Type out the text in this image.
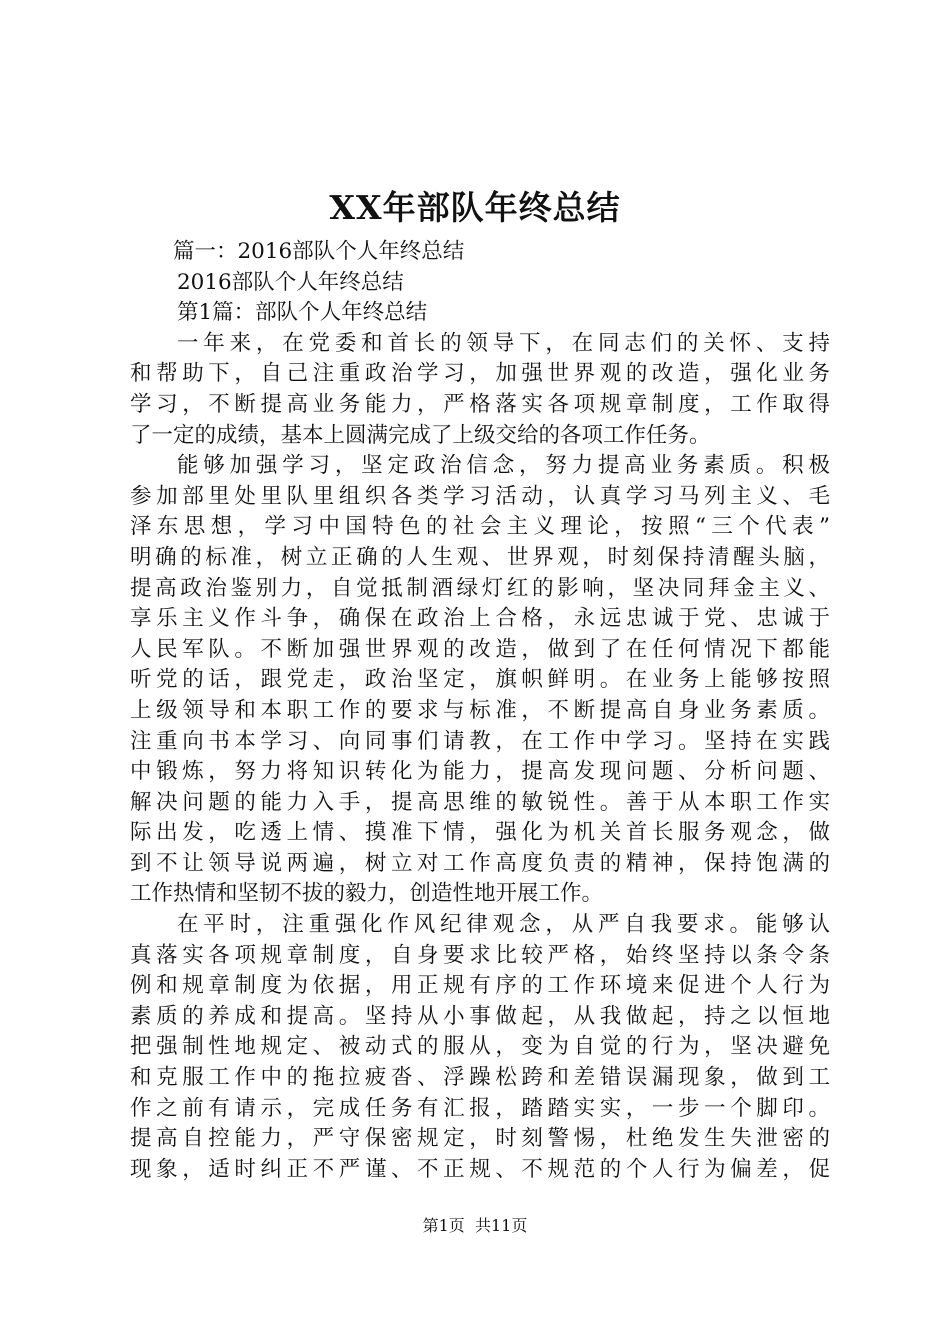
XX年部队年终总结
篇一：2016部队个人年终总结
2016部队个人年终总结
第1篇：部队个人年终总结
一年来，在党委和首长的领导下，在同志们的关怀、支持
和帮助下，自己注重政治学习，加强世界观的改造，强化业务
学习，不断提高业务能力，严格落实各项规章制度，工作取得
了一定的成绩，基本上圆满完成了上级交给的各项工作任务。
能够加强学习，坚定政治信念，努力提高业务素质。积极
参加部里处里队里组织各类学习活动，认真学习马列主义、毛
泽东思想，学习中国特色的社会主义理论，按照“三个代表”
明确的标准，树立正确的人生观、世界观，时刻保持清醒头脑，
提高政治鉴别力，自觉抵制酒绿灯红的影响，坚决同拜金主义、
享乐主义作斗争，确保在政治上合格，永远忠诚于党、忠诚于
人民军队。不断加强世界观的改造，做到了在任何情况下都能
听党的话，跟党走，政治坚定，旗帜鲜明。在业务上能够按照
上级领导和本职工作的要求与标准，不断提高自身业务素质。
注重向书本学习、向同事们请教，在工作中学习。坚持在实践
中锻炼，努力将知识转化为能力，提高发现问题、分析问题、
解决问题的能力入手，提高思维的敏锐性。善于从本职工作实
际出发，吃透上情、摸准下情，强化为机关首长服务观念，做
到不让领导说两遍，树立对工作高度负责的精神，保持饱满的
工作热情和坚韧不拔的毅力，创造性地开展工作。
在平时，注重强化作风纪律观念，从严自我要求。能够认
真落实各项规章制度，自身要求比较严格，始终坚持以条令条
例和规章制度为依据，用正规有序的工作环境来促进个人行为
素质的养成和提高。坚持从小事做起，从我做起，持之以恒地
把强制性地规定、被动式的服从，变为自觉的行为，坚决避免
和克服工作中的拖拉疲沓、浮躁松跨和差错误漏现象，做到工
作之前有请示，完成任务有汇报，踏踏实实，一步一个脚印。
提高自控能力，严守保密规定，时刻警惕，杜绝发生失泄密的
现象，适时纠正不严谨、不正规、不规范的个人行为偏差，促
第1页 共11页
